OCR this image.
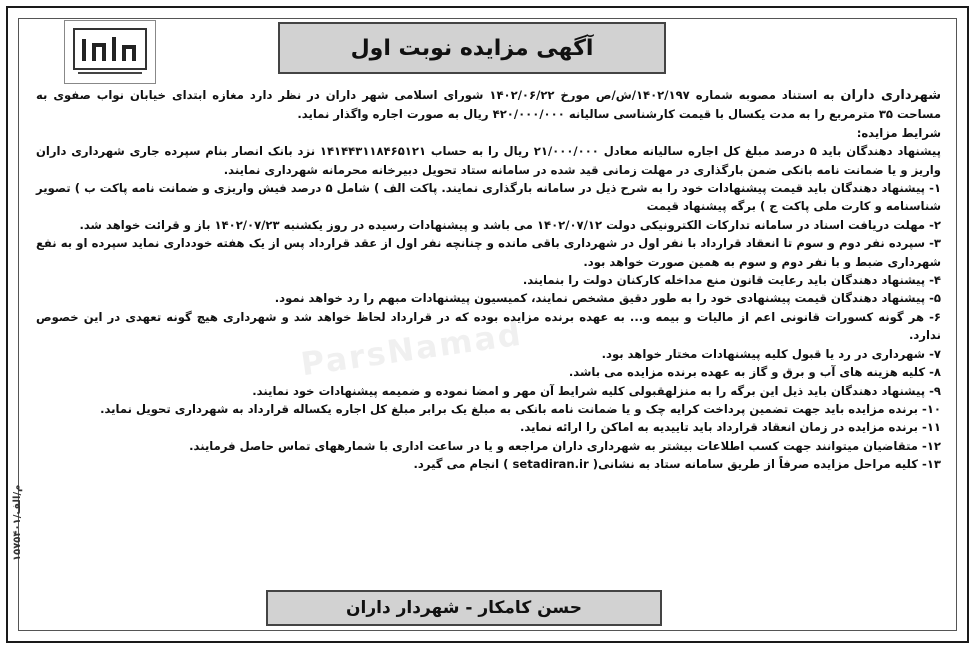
آگهی مزایده نوبت اول
ParsNamad

شهرداری داران به استناد مصوبه شماره ۱۴۰۲/۱۹۷/ش/ص مورخ ۱۴۰۲/۰۶/۲۲ شورای اسلامی شهر داران در نظر دارد مغازه ابتدای خیابان نواب صفوی به مساحت ۳۵ مترمربع را به مدت یکسال با قیمت کارشناسی سالیانه ۴۲۰/۰۰۰/۰۰۰ ریال به صورت اجاره واگذار نماید.

شرایط مزایده:

پیشنهاد دهندگان باید ۵ درصد مبلغ کل اجاره سالیانه معادل ۲۱/۰۰۰/۰۰۰ ریال را به حساب ۱۴۱۴۴۳۱۱۸۴۶۵۱۲۱ نزد بانک انصار بنام سپرده جاری شهرداری داران واریز و یا ضمانت نامه بانکی ضمن بارگذاری در مهلت زمانی قید شده در سامانه ستاد تحویل دبیرخانه محرمانه شهرداری نمایند.

۱- پیشنهاد دهندگان باید قیمت پیشنهادات خود را به شرح ذیل در سامانه بارگذاری نمایند. پاکت الف ) شامل ۵ درصد فیش واریزی و ضمانت نامه پاکت ب ) تصویر شناسنامه و کارت ملی پاکت ج ) برگه پیشنهاد قیمت
۲- مهلت دریافت اسناد در سامانه تدارکات الکترونیکی دولت ۱۴۰۲/۰۷/۱۲ می باشد و پیشنهادات رسیده در روز یکشنبه ۱۴۰۲/۰۷/۲۳ باز و قرائت خواهد شد.
۳- سپرده نفر دوم و سوم تا انعقاد قرارداد با نفر اول در شهرداری باقی مانده و چنانچه نفر اول از عقد قرارداد پس از یک هفته خودداری نماید سپرده او به نفع شهرداری ضبط و با نفر دوم و سوم به همین صورت خواهد بود.
۴- پیشنهاد دهندگان باید رعایت قانون منع مداخله کارکنان دولت را بنمایند.
۵- پیشنهاد دهندگان قیمت پیشنهادی خود را به طور دقیق مشخص نمایند، کمیسیون پیشنهادات مبهم را رد خواهد نمود.
۶- هر گونه کسورات قانونی اعم از مالیات و بیمه و... به عهده برنده مزایده بوده که در قرارداد لحاظ خواهد شد و شهرداری هیچ گونه تعهدی در این خصوص ندارد.
۷- شهرداری در رد یا قبول کلیه پیشنهادات مختار خواهد بود.
۸- کلیه هزینه های آب و برق و گاز به عهده برنده مزایده می باشد.
۹- پیشنهاد دهندگان باید ذیل این برگه را به منزلهقبولی کلیه شرایط آن مهر و امضا نموده و ضمیمه پیشنهادات خود نمایند.
۱۰- برنده مزایده باید جهت تضمین پرداخت کرایه چک و یا ضمانت نامه بانکی به مبلغ یک برابر مبلغ کل اجاره یکساله قرارداد به شهرداری تحویل نماید.
۱۱- برنده مزایده در زمان انعقاد قرارداد باید تاییدیه به اماکن را ارائه نماید.
۱۲- متقاضیان میتوانند جهت کسب اطلاعات بیشتر به شهرداری داران مراجعه و یا در ساعت اداری با شمارههای تماس حاصل فرمایند.
۱۳- کلیه مراحل مزایده صرفاً از طریق سامانه ستاد به نشانی( setadiran.ir ) انجام می گیرد.
م/الف/۱۵۷۵۴۰۱
حسن کامکار - شهردار داران
